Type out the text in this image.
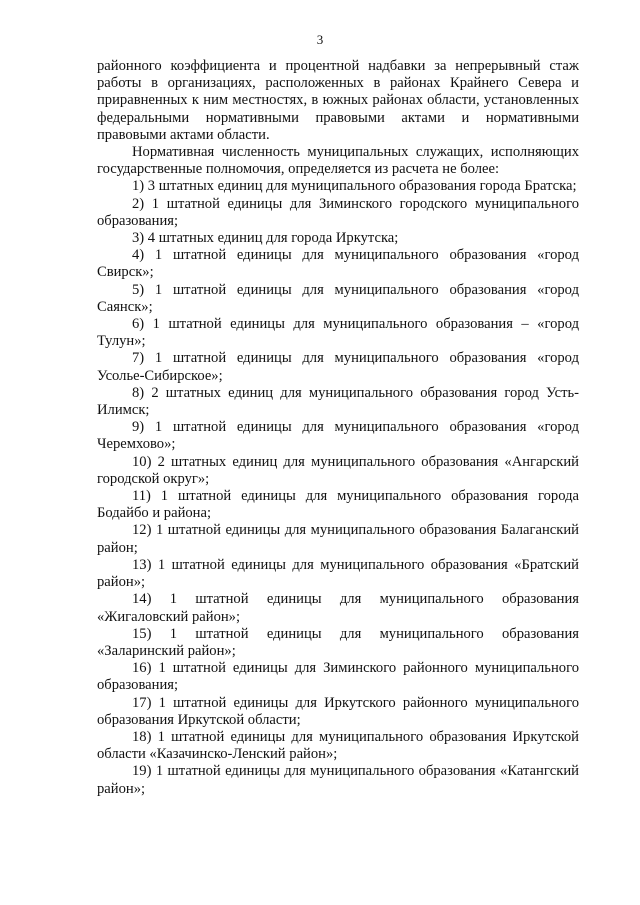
3

районного коэффициента и процентной надбавки за непрерывный стаж работы в организациях, расположенных в районах Крайнего Севера и приравненных к ним местностях, в южных районах области, установленных федеральными нормативными правовыми актами и нормативными правовыми актами области.

Нормативная численность муниципальных служащих, исполняющих государственные полномочия, определяется из расчета не более:

1) 3 штатных единиц для муниципального образования города Братска;

2) 1 штатной единицы для Зиминского городского муниципального образования;

3) 4 штатных единиц для города Иркутска;

4) 1 штатной единицы для муниципального образования «город Свирск»;

5) 1 штатной единицы для муниципального образования «город Саянск»;

6) 1 штатной единицы для муниципального образования – «город Тулун»;

7) 1 штатной единицы для муниципального образования «город Усолье-Сибирское»;

8) 2 штатных единиц для муниципального образования город Усть-Илимск;

9) 1 штатной единицы для муниципального образования «город Черемхово»;

10) 2 штатных единиц для муниципального образования «Ангарский городской округ»;

11) 1 штатной единицы для муниципального образования города Бодайбо и района;

12) 1 штатной единицы для муниципального образования Балаганский район;

13) 1 штатной единицы для муниципального образования «Братский район»;

14) 1 штатной единицы для муниципального образования «Жигаловский район»;

15) 1 штатной единицы для муниципального образования «Заларинский район»;

16) 1 штатной единицы для Зиминского районного муниципального образования;

17) 1 штатной единицы для Иркутского районного муниципального образования Иркутской области;

18) 1 штатной единицы для муниципального образования Иркутской области «Казачинско-Ленский район»;

19) 1 штатной единицы для муниципального образования «Катангский район»;
